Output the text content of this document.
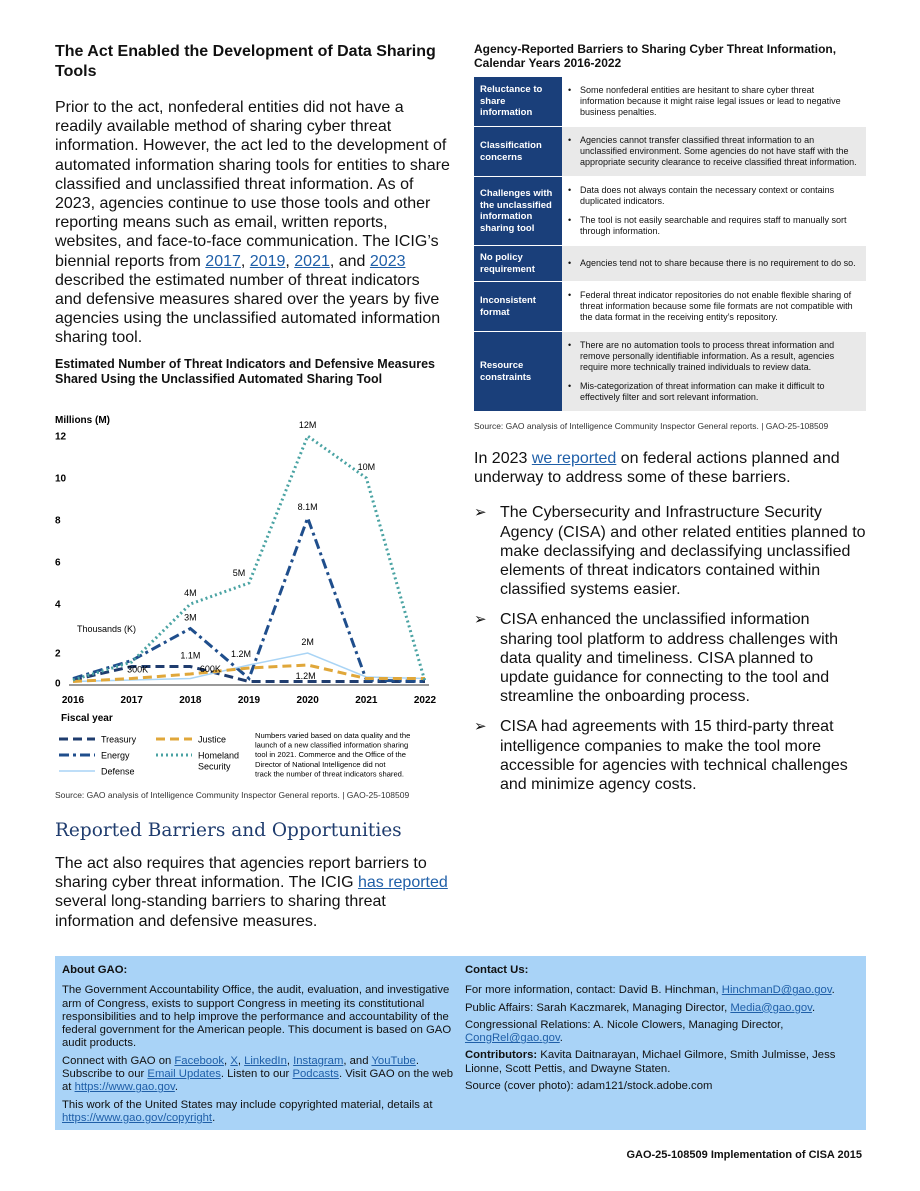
The Act Enabled the Development of Data Sharing Tools
Prior to the act, nonfederal entities did not have a readily available method of sharing cyber threat information. However, the act led to the development of automated information sharing tools for entities to share classified and unclassified threat information. As of 2023, agencies continue to use those tools and other reporting means such as email, written reports, websites, and face-to-face communication. The ICIG’s biennial reports from 2017, 2019, 2021, and 2023 described the estimated number of threat indicators and defensive measures shared over the years by five agencies using the unclassified automated information sharing tool.
Estimated Number of Threat Indicators and Defensive Measures Shared Using the Unclassified Automated Sharing Tool
Millions (M)
0
2
4
6
8
10
12
Thousands (K)
2016	2017	2018	2019	2020	2021	2022
Fiscal year
12M
10M
8.1M
5M
4M
3M
2M
1.2M
1.2M
1.1M
300K	600K
Treasury
Energy
Defense
Justice
Homeland
Security
Numbers varied based on data quality and the
launch of a new classified information sharing
tool in 2021. Commerce and the Office of the
Director of National Intelligence did not
track the number of threat indicators shared.
Source: GAO analysis of Intelligence Community Inspector General reports. | GAO-25-108509
Reported Barriers and Opportunities
The act also requires that agencies report barriers to sharing cyber threat information. The ICIG has reported several long-standing barriers to sharing threat information and defensive measures.
Agency-Reported Barriers to Sharing Cyber Threat Information, Calendar Years 2016-2022
Reluctance to share information	• Some nonfederal entities are hesitant to share cyber threat information because it might raise legal issues or lead to negative business penalties.

Classification concerns	• Agencies cannot transfer classified threat information to an unclassified environment. Some agencies do not have staff with the appropriate security clearance to receive classified threat information.

Challenges with the unclassified information sharing tool	• Data does not always contain the necessary context or contains duplicated indicators.
• The tool is not easily searchable and requires staff to manually sort through information.

No policy requirement	• Agencies tend not to share because there is no requirement to do so.

Inconsistent format	• Federal threat indicator repositories do not enable flexible sharing of threat information because some file formats are not compatible with the data format in the receiving entity’s repository.

Resource constraints	• There are no automation tools to process threat information and remove personally identifiable information. As a result, agencies require more technically trained individuals to review data.
• Mis-categorization of threat information can make it difficult to effectively filter and sort relevant information.
Source: GAO analysis of Intelligence Community Inspector General reports. | GAO-25-108509
In 2023 we reported on federal actions planned and underway to address some of these barriers.
➢ The Cybersecurity and Infrastructure Security Agency (CISA) and other related entities planned to make declassifying and declassifying unclassified elements of threat indicators contained within classified systems easier.
➢ CISA enhanced the unclassified information sharing tool platform to address challenges with data quality and timeliness. CISA planned to update guidance for connecting to the tool and streamline the onboarding process.
➢ CISA had agreements with 15 third-party threat intelligence companies to make the tool more accessible for agencies with technical challenges and minimize agency costs.

About GAO:

The Government Accountability Office, the audit, evaluation, and investigative arm of Congress, exists to support Congress in meeting its constitutional responsibilities and to help improve the performance and accountability of the federal government for the American people. This document is based on GAO audit products.

Connect with GAO on Facebook, X, LinkedIn, Instagram, and YouTube. Subscribe to our Email Updates. Listen to our Podcasts. Visit GAO on the web at https://www.gao.gov.

This work of the United States may include copyrighted material, details at https://www.gao.gov/copyright.

Contact Us:

For more information, contact: David B. Hinchman, HinchmanD@gao.gov.

Public Affairs: Sarah Kaczmarek, Managing Director, Media@gao.gov.

Congressional Relations: A. Nicole Clowers, Managing Director, CongRel@gao.gov.

Contributors: Kavita Daitnarayan, Michael Gilmore, Smith Julmisse, Jess Lionne, Scott Pettis, and Dwayne Staten.

Source (cover photo): adam121/stock.adobe.com

GAO-25-108509 Implementation of CISA 2015
